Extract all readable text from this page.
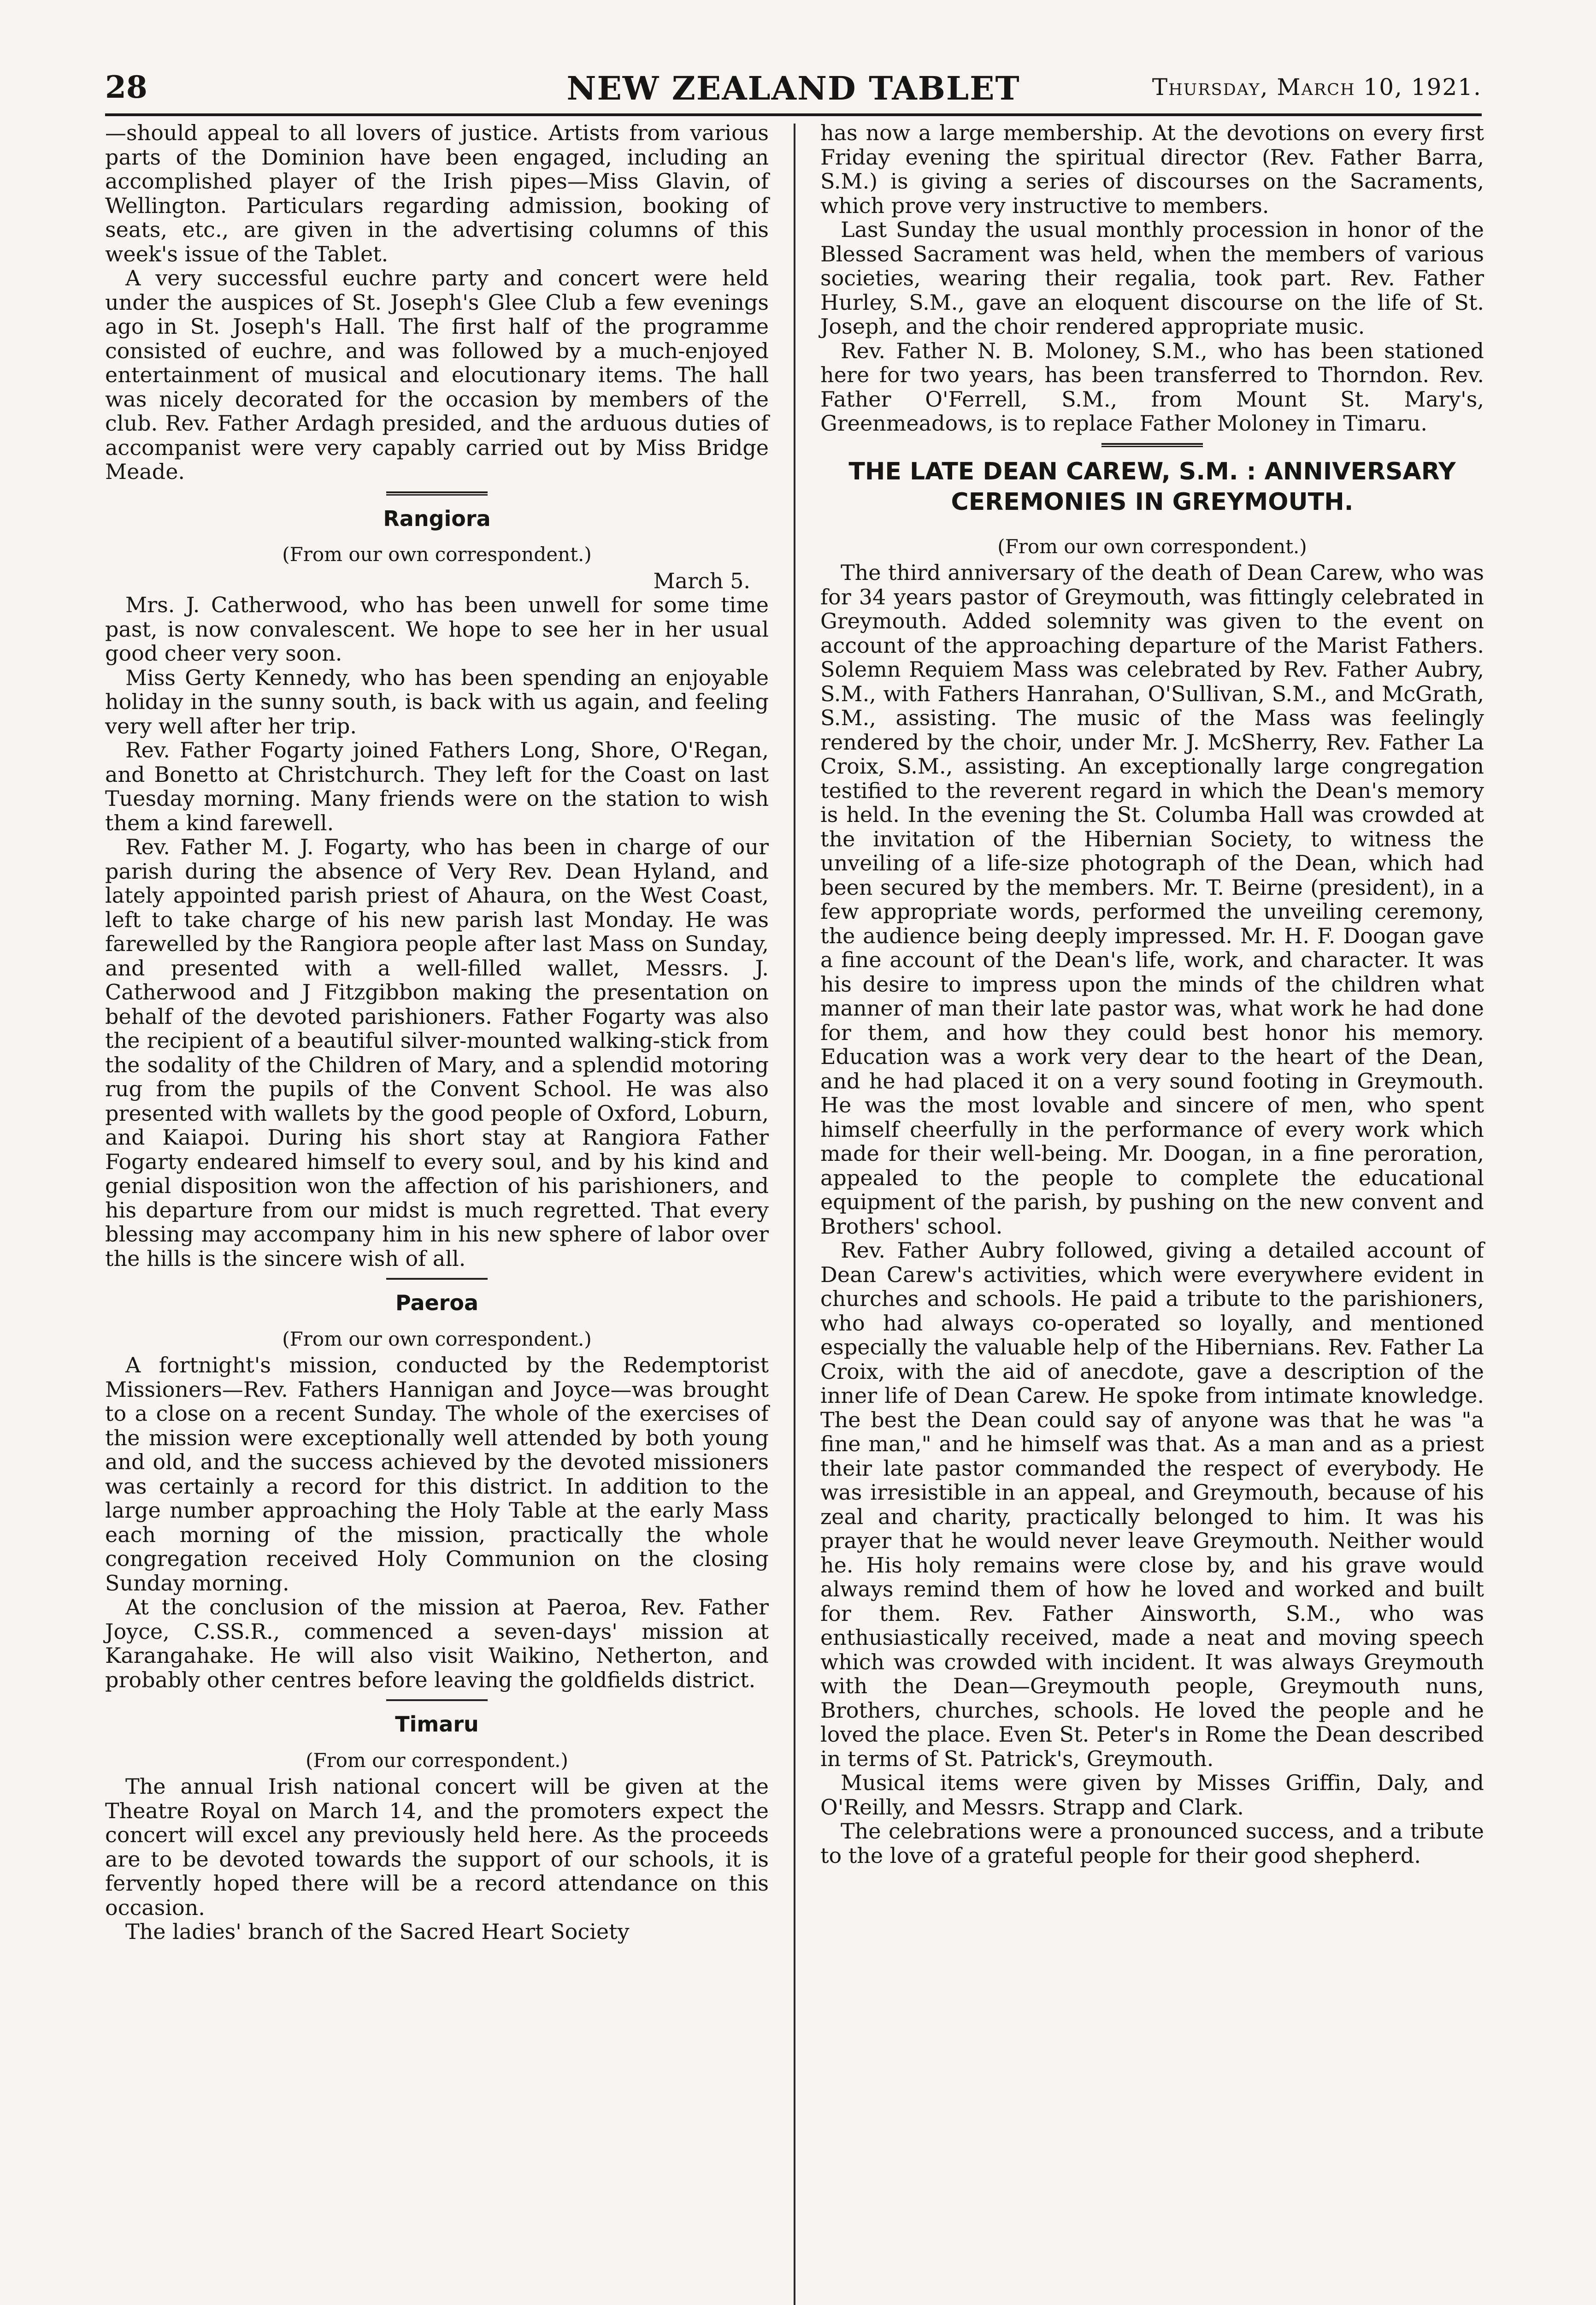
28	NEW ZEALAND TABLET	Thursday, March 10, 1921.

—should appeal to all lovers of justice. Artists from various parts of the Dominion have been engaged, including an accomplished player of the Irish pipes—Miss Glavin, of Wellington. Particulars regarding admission, booking of seats, etc., are given in the advertising columns of this week's issue of the Tablet.

A very successful euchre party and concert were held under the auspices of St. Joseph's Glee Club a few evenings ago in St. Joseph's Hall. The first half of the programme consisted of euchre, and was followed by a much-enjoyed entertainment of musical and elocutionary items. The hall was nicely decorated for the occasion by members of the club. Rev. Father Ardagh presided, and the arduous duties of accompanist were very capably carried out by Miss Bridge Meade.

Rangiora
(From our own correspondent.)
March 5.

Mrs. J. Catherwood, who has been unwell for some time past, is now convalescent. We hope to see her in her usual good cheer very soon.

Miss Gerty Kennedy, who has been spending an enjoyable holiday in the sunny south, is back with us again, and feeling very well after her trip.

Rev. Father Fogarty joined Fathers Long, Shore, O'Regan, and Bonetto at Christchurch. They left for the Coast on last Tuesday morning. Many friends were on the station to wish them a kind farewell.

Rev. Father M. J. Fogarty, who has been in charge of our parish during the absence of Very Rev. Dean Hyland, and lately appointed parish priest of Ahaura, on the West Coast, left to take charge of his new parish last Monday. He was farewelled by the Rangiora people after last Mass on Sunday, and presented with a well-filled wallet, Messrs. J. Catherwood and J Fitzgibbon making the presentation on behalf of the devoted parishioners. Father Fogarty was also the recipient of a beautiful silver-mounted walking-stick from the sodality of the Children of Mary, and a splendid motoring rug from the pupils of the Convent School. He was also presented with wallets by the good people of Oxford, Loburn, and Kaiapoi. During his short stay at Rangiora Father Fogarty endeared himself to every soul, and by his kind and genial disposition won the affection of his parishioners, and his departure from our midst is much regretted. That every blessing may accompany him in his new sphere of labor over the hills is the sincere wish of all.

Paeroa
(From our own correspondent.)

A fortnight's mission, conducted by the Redemptorist Missioners—Rev. Fathers Hannigan and Joyce—was brought to a close on a recent Sunday. The whole of the exercises of the mission were exceptionally well attended by both young and old, and the success achieved by the devoted missioners was certainly a record for this district. In addition to the large number approaching the Holy Table at the early Mass each morning of the mission, practically the whole congregation received Holy Communion on the closing Sunday morning.

At the conclusion of the mission at Paeroa, Rev. Father Joyce, C.SS.R., commenced a seven-days' mission at Karangahake. He will also visit Waikino, Netherton, and probably other centres before leaving the goldfields district.

Timaru
(From our correspondent.)

The annual Irish national concert will be given at the Theatre Royal on March 14, and the promoters expect the concert will excel any previously held here. As the proceeds are to be devoted towards the support of our schools, it is fervently hoped there will be a record attendance on this occasion.

The ladies' branch of the Sacred Heart Society

has now a large membership. At the devotions on every first Friday evening the spiritual director (Rev. Father Barra, S.M.) is giving a series of discourses on the Sacraments, which prove very instructive to members.

Last Sunday the usual monthly procession in honor of the Blessed Sacrament was held, when the members of various societies, wearing their regalia, took part. Rev. Father Hurley, S.M., gave an eloquent discourse on the life of St. Joseph, and the choir rendered appropriate music.

Rev. Father N. B. Moloney, S.M., who has been stationed here for two years, has been transferred to Thorndon. Rev. Father O'Ferrell, S.M., from Mount St. Mary's, Greenmeadows, is to replace Father Moloney in Timaru.

THE LATE DEAN CAREW, S.M. : ANNIVERSARY CEREMONIES IN GREYMOUTH.
(From our own correspondent.)

The third anniversary of the death of Dean Carew, who was for 34 years pastor of Greymouth, was fittingly celebrated in Greymouth. Added solemnity was given to the event on account of the approaching departure of the Marist Fathers. Solemn Requiem Mass was celebrated by Rev. Father Aubry, S.M., with Fathers Hanrahan, O'Sullivan, S.M., and McGrath, S.M., assisting. The music of the Mass was feelingly rendered by the choir, under Mr. J. McSherry, Rev. Father La Croix, S.M., assisting. An exceptionally large congregation testified to the reverent regard in which the Dean's memory is held. In the evening the St. Columba Hall was crowded at the invitation of the Hibernian Society, to witness the unveiling of a life-size photograph of the Dean, which had been secured by the members. Mr. T. Beirne (president), in a few appropriate words, performed the unveiling ceremony, the audience being deeply impressed. Mr. H. F. Doogan gave a fine account of the Dean's life, work, and character. It was his desire to impress upon the minds of the children what manner of man their late pastor was, what work he had done for them, and how they could best honor his memory. Education was a work very dear to the heart of the Dean, and he had placed it on a very sound footing in Greymouth. He was the most lovable and sincere of men, who spent himself cheerfully in the performance of every work which made for their well-being. Mr. Doogan, in a fine peroration, appealed to the people to complete the educational equipment of the parish, by pushing on the new convent and Brothers' school.

Rev. Father Aubry followed, giving a detailed account of Dean Carew's activities, which were everywhere evident in churches and schools. He paid a tribute to the parishioners, who had always co-operated so loyally, and mentioned especially the valuable help of the Hibernians. Rev. Father La Croix, with the aid of anecdote, gave a description of the inner life of Dean Carew. He spoke from intimate knowledge. The best the Dean could say of anyone was that he was "a fine man," and he himself was that. As a man and as a priest their late pastor commanded the respect of everybody. He was irresistible in an appeal, and Greymouth, because of his zeal and charity, practically belonged to him. It was his prayer that he would never leave Greymouth. Neither would he. His holy remains were close by, and his grave would always remind them of how he loved and worked and built for them. Rev. Father Ainsworth, S.M., who was enthusiastically received, made a neat and moving speech which was crowded with incident. It was always Greymouth with the Dean—Greymouth people, Greymouth nuns, Brothers, churches, schools. He loved the people and he loved the place. Even St. Peter's in Rome the Dean described in terms of St. Patrick's, Greymouth.

Musical items were given by Misses Griffin, Daly, and O'Reilly, and Messrs. Strapp and Clark.

The celebrations were a pronounced success, and a tribute to the love of a grateful people for their good shepherd.
